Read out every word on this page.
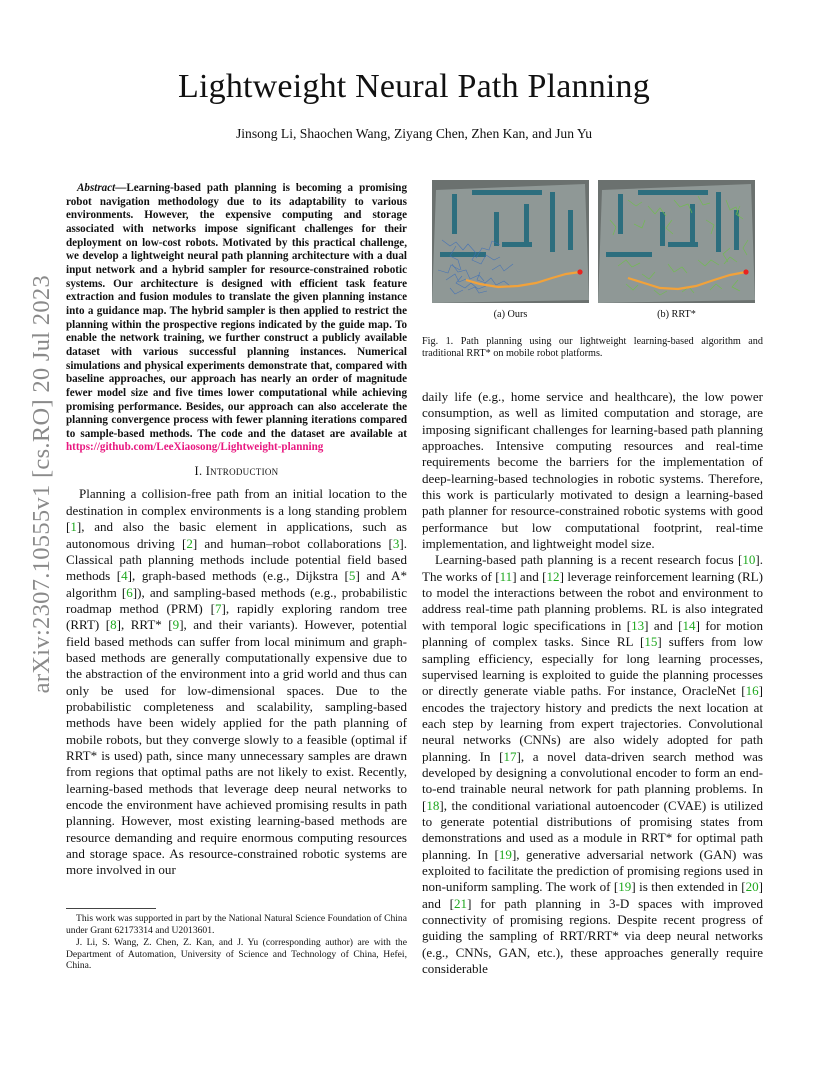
arXiv:2307.10555v1 [cs.RO] 20 Jul 2023
Lightweight Neural Path Planning
Jinsong Li, Shaochen Wang, Ziyang Chen, Zhen Kan, and Jun Yu

Abstract—Learning-based path planning is becoming a promising robot navigation methodology due to its adaptability to various environments. However, the expensive computing and storage associated with networks impose significant challenges for their deployment on low-cost robots. Motivated by this practical challenge, we develop a lightweight neural path planning architecture with a dual input network and a hybrid sampler for resource-constrained robotic systems. Our architecture is designed with efficient task feature extraction and fusion modules to translate the given planning instance into a guidance map. The hybrid sampler is then applied to restrict the planning within the prospective regions indicated by the guide map. To enable the network training, we further construct a publicly available dataset with various successful planning instances. Numerical simulations and physical experiments demonstrate that, compared with baseline approaches, our approach has nearly an order of magnitude fewer model size and five times lower computational while achieving promising performance. Besides, our approach can also accelerate the planning convergence process with fewer planning iterations compared to sample-based methods. The code and the dataset are available at https://github.com/LeeXiaosong/Lightweight-planning

I. Introduction

Planning a collision-free path from an initial location to the destination in complex environments is a long standing problem [1], and also the basic element in applications, such as autonomous driving [2] and human–robot collaborations [3]. Classical path planning methods include potential field based methods [4], graph-based methods (e.g., Dijkstra [5] and A* algorithm [6]), and sampling-based methods (e.g., probabilistic roadmap method (PRM) [7], rapidly exploring random tree (RRT) [8], RRT* [9], and their variants). However, potential field based methods can suffer from local minimum and graph-based methods are generally computationally expensive due to the abstraction of the environment into a grid world and thus can only be used for low-dimensional spaces. Due to the probabilistic completeness and scalability, sampling-based methods have been widely applied for the path planning of mobile robots, but they converge slowly to a feasible (optimal if RRT* is used) path, since many unnecessary samples are drawn from regions that optimal paths are not likely to exist. Recently, learning-based methods that leverage deep neural networks to encode the environment have achieved promising results in path planning. However, most existing learning-based methods are resource demanding and require enormous computing resources and storage space. As resource-constrained robotic systems are more involved in our

This work was supported in part by the National Natural Science Foundation of China under Grant 62173314 and U2013601.

J. Li, S. Wang, Z. Chen, Z. Kan, and J. Yu (corresponding author) are with the Department of Automation, University of Science and Technology of China, Hefei, China.

(a) Ours	(b) RRT*
Fig. 1. Path planning using our lightweight learning-based algorithm and traditional RRT* on mobile robot platforms.

daily life (e.g., home service and healthcare), the low power consumption, as well as limited computation and storage, are imposing significant challenges for learning-based path planning approaches. Intensive computing resources and real-time requirements become the barriers for the implementation of deep-learning-based technologies in robotic systems. Therefore, this work is particularly motivated to design a learning-based path planner for resource-constrained robotic systems with good performance but low computational footprint, real-time implementation, and lightweight model size.

Learning-based path planning is a recent research focus [10]. The works of [11] and [12] leverage reinforcement learning (RL) to model the interactions between the robot and environment to address real-time path planning problems. RL is also integrated with temporal logic specifications in [13] and [14] for motion planning of complex tasks. Since RL [15] suffers from low sampling efficiency, especially for long learning processes, supervised learning is exploited to guide the planning processes or directly generate viable paths. For instance, OracleNet [16] encodes the trajectory history and predicts the next location at each step by learning from expert trajectories. Convolutional neural networks (CNNs) are also widely adopted for path planning. In [17], a novel data-driven search method was developed by designing a convolutional encoder to form an end-to-end trainable neural network for path planning problems. In [18], the conditional variational autoencoder (CVAE) is utilized to generate potential distributions of promising states from demonstrations and used as a module in RRT* for optimal path planning. In [19], generative adversarial network (GAN) was exploited to facilitate the prediction of promising regions used in non-uniform sampling. The work of [19] is then extended in [20] and [21] for path planning in 3-D spaces with improved connectivity of promising regions. Despite recent progress of guiding the sampling of RRT/RRT* via deep neural networks (e.g., CNNs, GAN, etc.), these approaches generally require considerable
